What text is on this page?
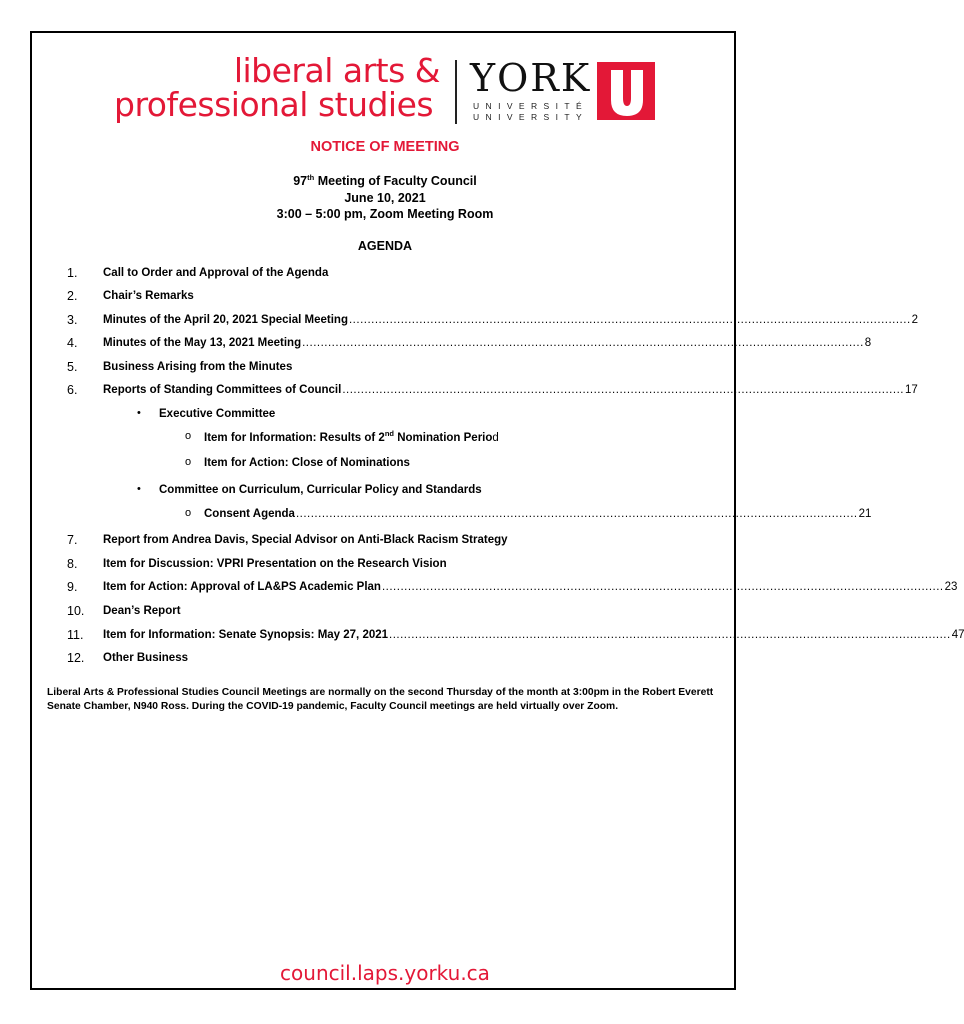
liberal arts &
professional studies
YORK
UNIVERSITÉ
UNIVERSITY
NOTICE OF MEETING
97th Meeting of Faculty Council
June 10, 2021
3:00 – 5:00 pm, Zoom Meeting Room
AGENDA
1. Call to Order and Approval of the Agenda
2. Chair’s Remarks
3. Minutes of the April 20, 2021 Special Meeting ........................................................................................................................................................ 2
4. Minutes of the May 13, 2021 Meeting ........................................................................................................................................................ 8
5. Business Arising from the Minutes
6. Reports of Standing Committees of Council ........................................................................................................................................................ 17
• Executive Committee
o Item for Information: Results of 2nd Nomination Period
o Item for Action: Close of Nominations
• Committee on Curriculum, Curricular Policy and Standards
o Consent Agenda ........................................................................................................................................................ 21
7. Report from Andrea Davis, Special Advisor on Anti-Black Racism Strategy
8. Item for Discussion: VPRI Presentation on the Research Vision
9. Item for Action: Approval of LA&PS Academic Plan ........................................................................................................................................................ 23
10. Dean’s Report
11. Item for Information: Senate Synopsis: May 27, 2021 ........................................................................................................................................................ 47
12. Other Business
Liberal Arts & Professional Studies Council Meetings are normally on the second Thursday of the month at 3:00pm in the Robert Everett Senate Chamber, N940 Ross. During the COVID-19 pandemic, Faculty Council meetings are held virtually over Zoom.
council.laps.yorku.ca
